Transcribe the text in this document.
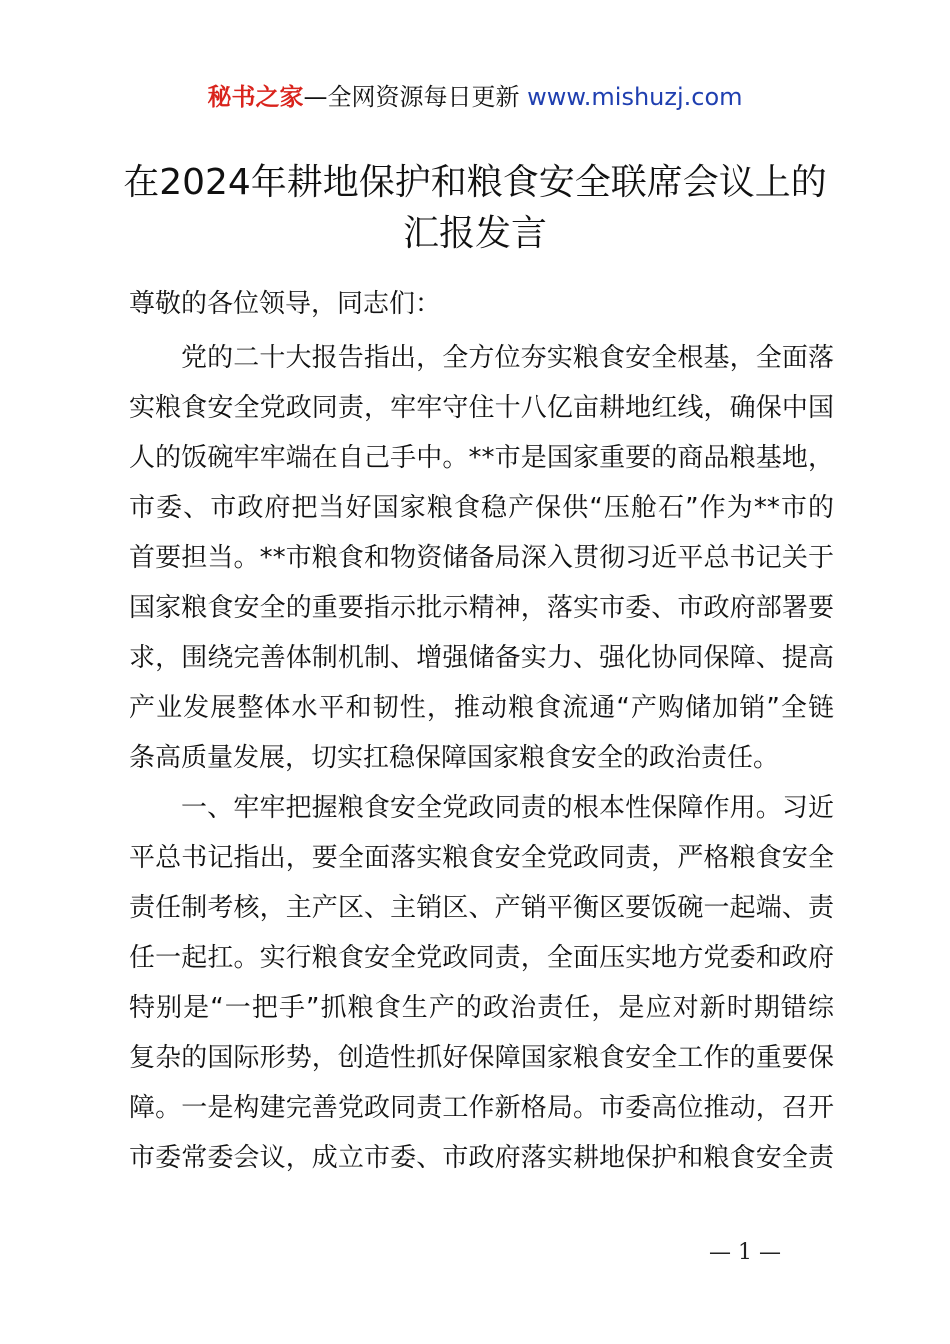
秘书之家—全网资源每日更新 www.mishuzj.com
在2024年耕地保护和粮食安全联席会议上的
汇报发言

尊敬的各位领导，同志们：

党的二十大报告指出，全方位夯实粮食安全根基，全面落
实粮食安全党政同责，牢牢守住十八亿亩耕地红线，确保中国
人的饭碗牢牢端在自己手中。**市是国家重要的商品粮基地，
市委、市政府把当好国家粮食稳产保供“压舱石”作为**市的
首要担当。**市粮食和物资储备局深入贯彻习近平总书记关于
国家粮食安全的重要指示批示精神，落实市委、市政府部署要
求，围绕完善体制机制、增强储备实力、强化协同保障、提高
产业发展整体水平和韧性，推动粮食流通“产购储加销”全链
条高质量发展，切实扛稳保障国家粮食安全的政治责任。
一、牢牢把握粮食安全党政同责的根本性保障作用。习近
平总书记指出，要全面落实粮食安全党政同责，严格粮食安全
责任制考核，主产区、主销区、产销平衡区要饭碗一起端、责
任一起扛。实行粮食安全党政同责，全面压实地方党委和政府
特别是“一把手”抓粮食生产的政治责任，是应对新时期错综
复杂的国际形势，创造性抓好保障国家粮食安全工作的重要保
障。一是构建完善党政同责工作新格局。市委高位推动，召开
市委常委会议，成立市委、市政府落实耕地保护和粮食安全责
— 1 —
